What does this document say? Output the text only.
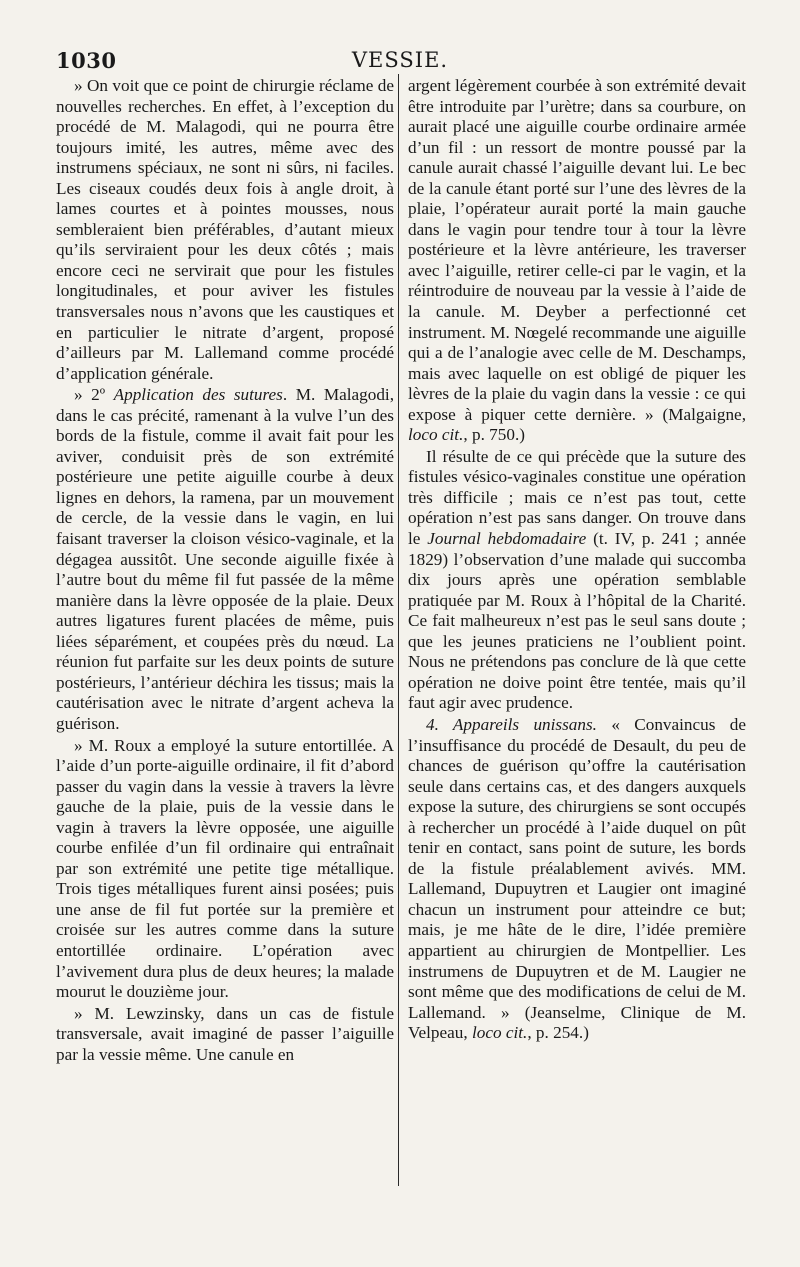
1030	VESSIE.

» On voit que ce point de chirurgie réclame de nouvelles recherches. En effet, à l’exception du procédé de M. Malagodi, qui ne pourra être toujours imité, les autres, même avec des instrumens spéciaux, ne sont ni sûrs, ni faciles. Les ciseaux coudés deux fois à angle droit, à lames courtes et à pointes mousses, nous sembleraient bien préférables, d’autant mieux qu’ils serviraient pour les deux côtés ; mais encore ceci ne servirait que pour les fistules longitudinales, et pour aviver les fistules transversales nous n’avons que les caustiques et en particulier le nitrate d’argent, proposé d’ailleurs par M. Lallemand comme procédé d’application générale.

» 2º Application des sutures. M. Malagodi, dans le cas précité, ramenant à la vulve l’un des bords de la fistule, comme il avait fait pour les aviver, conduisit près de son extrémité postérieure une petite aiguille courbe à deux lignes en dehors, la ramena, par un mouvement de cercle, de la vessie dans le vagin, en lui faisant traverser la cloison vésico-vaginale, et la dégagea aussitôt. Une seconde aiguille fixée à l’autre bout du même fil fut passée de la même manière dans la lèvre opposée de la plaie. Deux autres ligatures furent placées de même, puis liées séparément, et coupées près du nœud. La réunion fut parfaite sur les deux points de suture postérieurs, l’antérieur déchira les tissus; mais la cautérisation avec le nitrate d’argent acheva la guérison.

» M. Roux a employé la suture entortillée. A l’aide d’un porte-aiguille ordinaire, il fit d’abord passer du vagin dans la vessie à travers la lèvre gauche de la plaie, puis de la vessie dans le vagin à travers la lèvre opposée, une aiguille courbe enfilée d’un fil ordinaire qui entraînait par son extrémité une petite tige métallique. Trois tiges métalliques furent ainsi posées; puis une anse de fil fut portée sur la première et croisée sur les autres comme dans la suture entortillée ordinaire. L’opération avec l’avivement dura plus de deux heures; la malade mourut le douzième jour.

» M. Lewzinsky, dans un cas de fistule transversale, avait imaginé de passer l’aiguille par la vessie même. Une canule en

argent légèrement courbée à son extrémité devait être introduite par l’urètre; dans sa courbure, on aurait placé une aiguille courbe ordinaire armée d’un fil : un ressort de montre poussé par la canule aurait chassé l’aiguille devant lui. Le bec de la canule étant porté sur l’une des lèvres de la plaie, l’opérateur aurait porté la main gauche dans le vagin pour tendre tour à tour la lèvre postérieure et la lèvre antérieure, les traverser avec l’aiguille, retirer celle-ci par le vagin, et la réintroduire de nouveau par la vessie à l’aide de la canule. M. Deyber a perfectionné cet instrument. M. Nœgelé recommande une aiguille qui a de l’analogie avec celle de M. Deschamps, mais avec laquelle on est obligé de piquer les lèvres de la plaie du vagin dans la vessie : ce qui expose à piquer cette dernière. » (Malgaigne, loco cit., p. 750.)

Il résulte de ce qui précède que la suture des fistules vésico-vaginales constitue une opération très difficile ; mais ce n’est pas tout, cette opération n’est pas sans danger. On trouve dans le Journal hebdomadaire (t. IV, p. 241 ; année 1829) l’observation d’une malade qui succomba dix jours après une opération semblable pratiquée par M. Roux à l’hôpital de la Charité. Ce fait malheureux n’est pas le seul sans doute ; que les jeunes praticiens ne l’oublient point. Nous ne prétendons pas conclure de là que cette opération ne doive point être tentée, mais qu’il faut agir avec prudence.

4. Appareils unissans. « Convaincus de l’insuffisance du procédé de Desault, du peu de chances de guérison qu’offre la cautérisation seule dans certains cas, et des dangers auxquels expose la suture, des chirurgiens se sont occupés à rechercher un procédé à l’aide duquel on pût tenir en contact, sans point de suture, les bords de la fistule préalablement avivés. MM. Lallemand, Dupuytren et Laugier ont imaginé chacun un instrument pour atteindre ce but; mais, je me hâte de le dire, l’idée première appartient au chirurgien de Montpellier. Les instrumens de Dupuytren et de M. Laugier ne sont même que des modifications de celui de M. Lallemand. » (Jeanselme, Clinique de M. Velpeau, loco cit., p. 254.)
